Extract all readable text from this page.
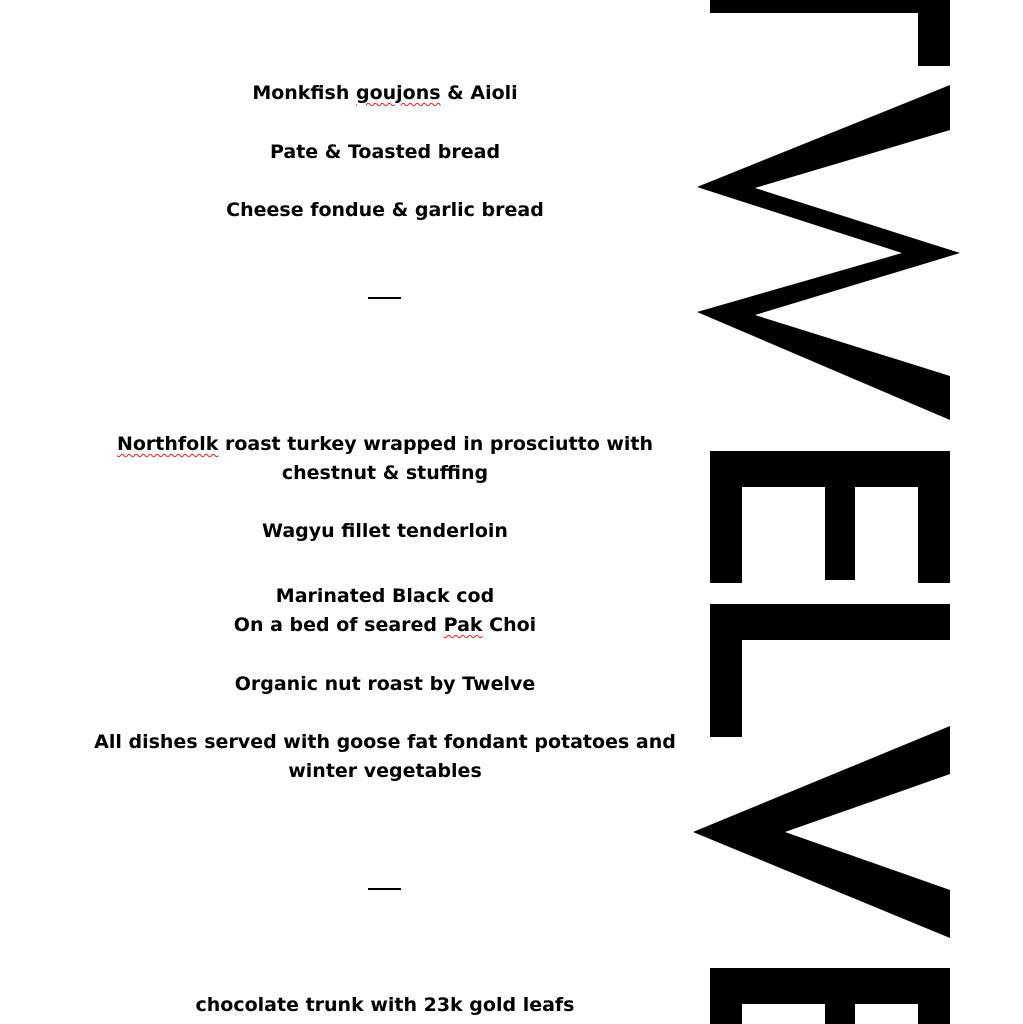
Monkfish goujons & Aioli
Pate & Toasted bread
Cheese fondue & garlic bread
Northfolk roast turkey wrapped in prosciutto with
chestnut & stuffing
Wagyu fillet tenderloin
Marinated Black cod
On a bed of seared Pak Choi
Organic nut roast by Twelve
All dishes served with goose fat fondant potatoes and
winter vegetables
chocolate trunk with 23k gold leafs
